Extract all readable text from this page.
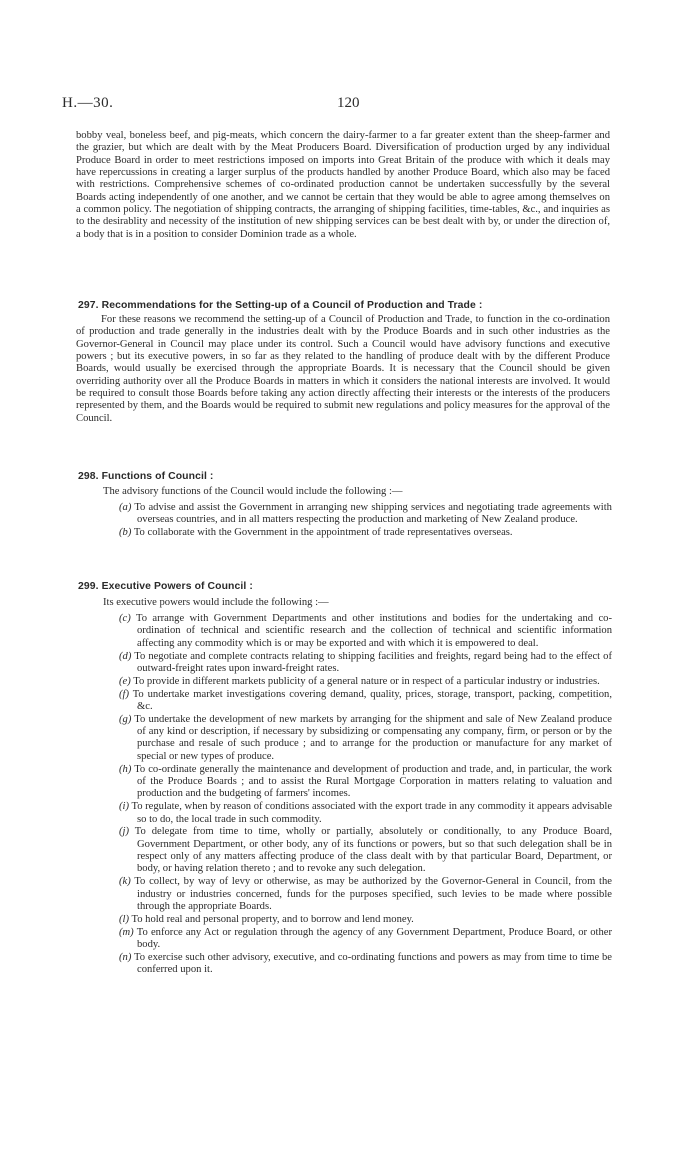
H.—30.	120

bobby veal, boneless beef, and pig-meats, which concern the dairy-farmer to a far greater extent than the sheep-farmer and the grazier, but which are dealt with by the Meat Producers Board. Diversification of production urged by any individual Produce Board in order to meet restrictions imposed on imports into Great Britain of the produce with which it deals may have repercussions in creating a larger surplus of the products handled by another Produce Board, which also may be faced with restrictions. Comprehensive schemes of co-ordinated production cannot be undertaken successfully by the several Boards acting independently of one another, and we cannot be certain that they would be able to agree among themselves on a common policy. The negotiation of shipping contracts, the arranging of shipping facilities, time-tables, &c., and inquiries as to the desirablity and necessity of the institution of new shipping services can be best dealt with by, or under the direction of, a body that is in a position to consider Dominion trade as a whole.

297. Recommendations for the Setting-up of a Council of Production and Trade :

For these reasons we recommend the setting-up of a Council of Production and Trade, to function in the co-ordination of production and trade generally in the industries dealt with by the Produce Boards and in such other industries as the Governor-General in Council may place under its control. Such a Council would have advisory functions and executive powers ; but its executive powers, in so far as they related to the handling of produce dealt with by the different Produce Boards, would usually be exercised through the appropriate Boards. It is necessary that the Council should be given overriding authority over all the Produce Boards in matters in which it considers the national interests are involved. It would be required to consult those Boards before taking any action directly affecting their interests or the interests of the producers represented by them, and the Boards would be required to submit new regulations and policy measures for the approval of the Council.

298. Functions of Council :

The advisory functions of the Council would include the following :—

(a) To advise and assist the Government in arranging new shipping services and negotiating trade agreements with overseas countries, and in all matters respecting the production and marketing of New Zealand produce.
(b) To collaborate with the Government in the appointment of trade representatives overseas.
299. Executive Powers of Council :

Its executive powers would include the following :—

(c) To arrange with Government Departments and other institutions and bodies for the undertaking and co-ordination of technical and scientific research and the collection of technical and scientific information affecting any commodity which is or may be exported and with which it is empowered to deal.
(d) To negotiate and complete contracts relating to shipping facilities and freights, regard being had to the effect of outward-freight rates upon inward-freight rates.
(e) To provide in different markets publicity of a general nature or in respect of a particular industry or industries.
(f) To undertake market investigations covering demand, quality, prices, storage, transport, packing, competition, &c.
(g) To undertake the development of new markets by arranging for the shipment and sale of New Zealand produce of any kind or description, if necessary by subsidizing or compensating any company, firm, or person or by the purchase and resale of such produce ; and to arrange for the production or manufacture for any market of special or new types of produce.
(h) To co-ordinate generally the maintenance and development of production and trade, and, in particular, the work of the Produce Boards ; and to assist the Rural Mortgage Corporation in matters relating to valuation and production and the budgeting of farmers' incomes.
(i) To regulate, when by reason of conditions associated with the export trade in any commodity it appears advisable so to do, the local trade in such commodity.
(j) To delegate from time to time, wholly or partially, absolutely or conditionally, to any Produce Board, Government Department, or other body, any of its functions or powers, but so that such delegation shall be in respect only of any matters affecting produce of the class dealt with by that particular Board, Department, or body, or having relation thereto ; and to revoke any such delegation.
(k) To collect, by way of levy or otherwise, as may be authorized by the Governor-General in Council, from the industry or industries concerned, funds for the purposes specified, such levies to be made where possible through the appropriate Boards.
(l) To hold real and personal property, and to borrow and lend money.
(m) To enforce any Act or regulation through the agency of any Government Department, Produce Board, or other body.
(n) To exercise such other advisory, executive, and co-ordinating functions and powers as may from time to time be conferred upon it.
